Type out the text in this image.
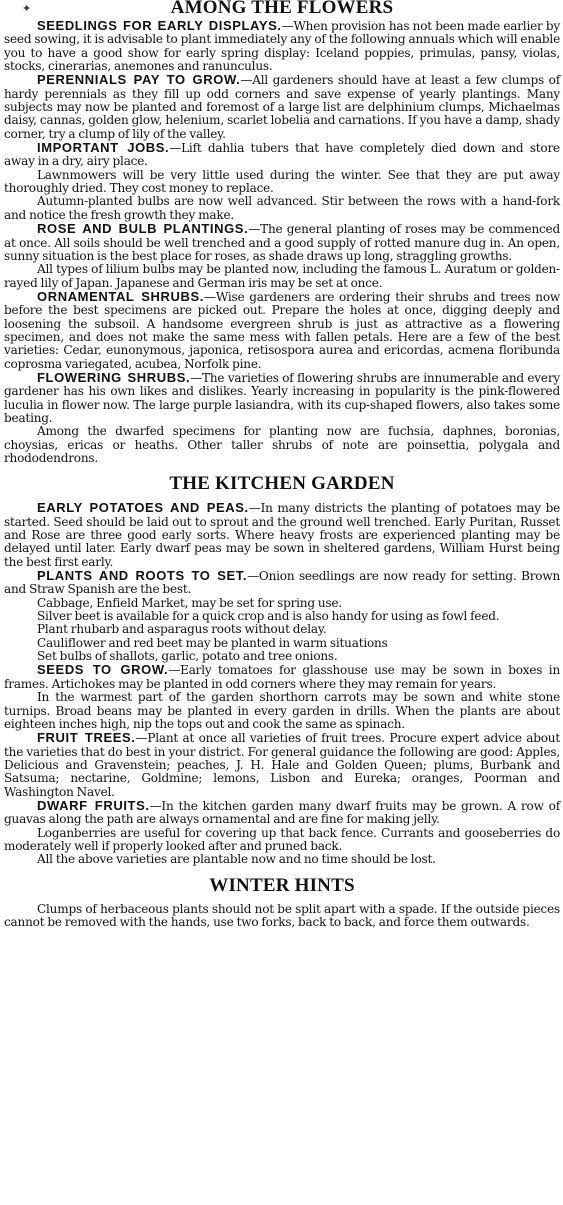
✦	AMONG THE FLOWERS

SEEDLINGS FOR EARLY DISPLAYS.—When provision has not been made earlier by seed sowing, it is advisable to plant immediately any of the following annuals which will enable you to have a good show for early spring display: Iceland poppies, primulas, pansy, violas, stocks, cinerarias, anemones and ranunculus.

PERENNIALS PAY TO GROW.—All gardeners should have at least a few clumps of hardy perennials as they fill up odd corners and save expense of yearly plantings. Many subjects may now be planted and foremost of a large list are delphinium clumps, Michaelmas daisy, cannas, golden glow, helenium, scarlet lobelia and carnations. If you have a damp, shady corner, try a clump of lily of the valley.

IMPORTANT JOBS.—Lift dahlia tubers that have completely died down and store away in a dry, airy place.

Lawnmowers will be very little used during the winter. See that they are put away thoroughly dried. They cost money to replace.

Autumn-planted bulbs are now well advanced. Stir between the rows with a hand-fork and notice the fresh growth they make.

ROSE AND BULB PLANTINGS.—The general planting of roses may be commenced at once. All soils should be well trenched and a good supply of rotted manure dug in. An open, sunny situation is the best place for roses, as shade draws up long, straggling growths.

All types of lilium bulbs may be planted now, including the famous L. Auratum or golden-rayed lily of Japan. Japanese and German iris may be set at once.

ORNAMENTAL SHRUBS.—Wise gardeners are ordering their shrubs and trees now before the best specimens are picked out. Prepare the holes at once, digging deeply and loosening the subsoil. A handsome evergreen shrub is just as attractive as a flowering specimen, and does not make the same mess with fallen petals. Here are a few of the best varieties: Cedar, eunonymous, japonica, retisospora aurea and ericordas, acmena floribunda coprosma variegated, acubea, Norfolk pine.

FLOWERING SHRUBS.—The varieties of flowering shrubs are innumerable and every gardener has his own likes and dislikes. Yearly increasing in popularity is the pink-flowered luculia in flower now. The large purple lasiandra, with its cup-shaped flowers, also takes some beating.

Among the dwarfed specimens for planting now are fuchsia, daphnes, boronias, choysias, ericas or heaths. Other taller shrubs of note are poinsettia, polygala and rhododendrons.

THE KITCHEN GARDEN

EARLY POTATOES AND PEAS.—In many districts the planting of potatoes may be started. Seed should be laid out to sprout and the ground well trenched. Early Puritan, Russet and Rose are three good early sorts. Where heavy frosts are experienced planting may be delayed until later. Early dwarf peas may be sown in sheltered gardens, William Hurst being the best first early.

PLANTS AND ROOTS TO SET.—Onion seedlings are now ready for setting. Brown and Straw Spanish are the best.

Cabbage, Enfield Market, may be set for spring use.

Silver beet is available for a quick crop and is also handy for using as fowl feed.

Plant rhubarb and asparagus roots without delay.

Cauliflower and red beet may be planted in warm situations

Set bulbs of shallots, garlic, potato and tree onions.

SEEDS TO GROW.—Early tomatoes for glasshouse use may be sown in boxes in frames. Artichokes may be planted in odd corners where they may remain for years.

In the warmest part of the garden shorthorn carrots may be sown and white stone turnips. Broad beans may be planted in every garden in drills. When the plants are about eighteen inches high, nip the tops out and cook the same as spinach.

FRUIT TREES.—Plant at once all varieties of fruit trees. Procure expert advice about the varieties that do best in your district. For general guidance the following are good: Apples, Delicious and Gravenstein; peaches, J. H. Hale and Golden Queen; plums, Burbank and Satsuma; nectarine, Goldmine; lemons, Lisbon and Eureka; oranges, Poorman and Washington Navel.

DWARF FRUITS.—In the kitchen garden many dwarf fruits may be grown. A row of guavas along the path are always ornamental and are fine for making jelly.

Loganberries are useful for covering up that back fence. Currants and gooseberries do moderately well if properly looked after and pruned back.

All the above varieties are plantable now and no time should be lost.

WINTER HINTS

Clumps of herbaceous plants should not be split apart with a spade. If the outside pieces cannot be removed with the hands, use two forks, back to back, and force them outwards.
